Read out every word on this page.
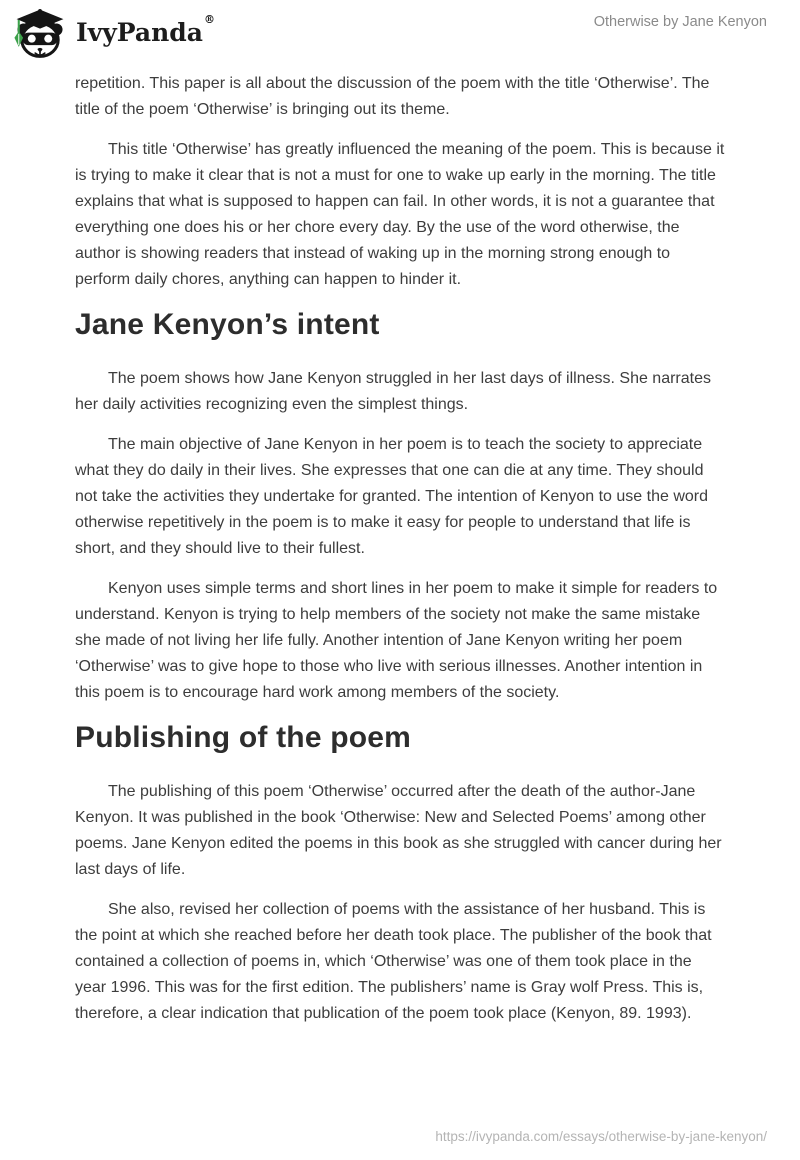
IvyPanda®	Otherwise by Jane Kenyon

repetition. This paper is all about the discussion of the poem with the title ‘Otherwise’. The title of the poem ‘Otherwise’ is bringing out its theme.

This title ‘Otherwise’ has greatly influenced the meaning of the poem. This is because it is trying to make it clear that is not a must for one to wake up early in the morning. The title explains that what is supposed to happen can fail. In other words, it is not a guarantee that everything one does his or her chore every day. By the use of the word otherwise, the author is showing readers that instead of waking up in the morning strong enough to perform daily chores, anything can happen to hinder it.

Jane Kenyon’s intent

The poem shows how Jane Kenyon struggled in her last days of illness. She narrates her daily activities recognizing even the simplest things.

The main objective of Jane Kenyon in her poem is to teach the society to appreciate what they do daily in their lives. She expresses that one can die at any time. They should not take the activities they undertake for granted. The intention of Kenyon to use the word otherwise repetitively in the poem is to make it easy for people to understand that life is short, and they should live to their fullest.

Kenyon uses simple terms and short lines in her poem to make it simple for readers to understand. Kenyon is trying to help members of the society not make the same mistake she made of not living her life fully. Another intention of Jane Kenyon writing her poem ‘Otherwise’ was to give hope to those who live with serious illnesses. Another intention in this poem is to encourage hard work among members of the society.

Publishing of the poem

The publishing of this poem ‘Otherwise’ occurred after the death of the author-Jane Kenyon. It was published in the book ‘Otherwise: New and Selected Poems’ among other poems. Jane Kenyon edited the poems in this book as she struggled with cancer during her last days of life.

She also, revised her collection of poems with the assistance of her husband. This is the point at which she reached before her death took place. The publisher of the book that contained a collection of poems in, which ‘Otherwise’ was one of them took place in the year 1996. This was for the first edition. The publishers’ name is Gray wolf Press. This is, therefore, a clear indication that publication of the poem took place (Kenyon, 89. 1993).

https://ivypanda.com/essays/otherwise-by-jane-kenyon/
